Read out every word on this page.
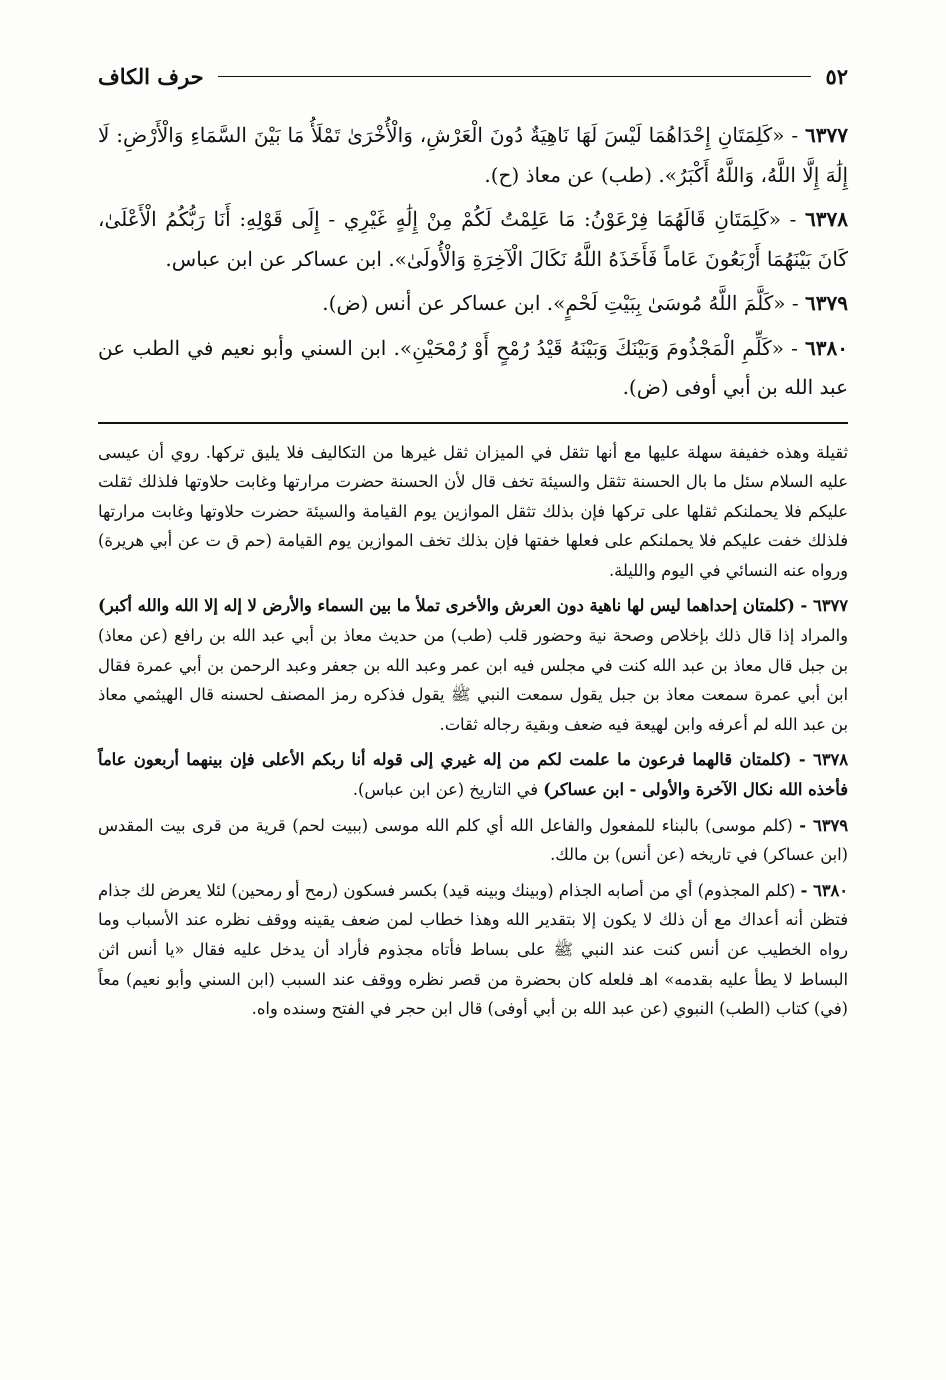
٥٢
حرف الكاف

٦٣٧٧ - «كَلِمَتَانِ إِحْدَاهُمَا لَيْسَ لَهَا نَاهِيَةٌ دُونَ الْعَرْشِ، وَالْأُخْرَىٰ تَمْلَأُ مَا بَيْنَ السَّمَاءِ وَالْأَرْضِ: لَا إِلَٰهَ إِلَّا اللَّهُ، وَاللَّهُ أَكْبَرُ». (طب) عن معاذ (ح).

٦٣٧٨ - «كَلِمَتَانِ قَالَهُمَا فِرْعَوْنُ: مَا عَلِمْتُ لَكُمْ مِنْ إِلَٰهٍ غَيْرِي - إِلَى قَوْلِهِ: أَنَا رَبُّكُمُ الْأَعْلَىٰ، كَانَ بَيْنَهُمَا أَرْبَعُونَ عَاماً فَأَخَذَهُ اللَّهُ نَكَالَ الْآخِرَةِ وَالْأُولَىٰ». ابن عساكر عن ابن عباس.

٦٣٧٩ - «كَلَّمَ اللَّهُ مُوسَىٰ بِبَيْتِ لَحْمٍ». ابن عساكر عن أنس (ض).

٦٣٨٠ - «كَلِّمِ الْمَجْذُومَ وَبَيْنَكَ وَبَيْنَهُ قَيْدُ رُمْحٍ أَوْ رُمْحَيْنِ». ابن السني وأبو نعيم في الطب عن عبد الله بن أبي أوفى (ض).

ثقيلة وهذه خفيفة سهلة عليها مع أنها تثقل في الميزان ثقل غيرها من التكاليف فلا يليق تركها. روي أن عيسى عليه السلام سئل ما بال الحسنة تثقل والسيئة تخف قال لأن الحسنة حضرت مرارتها وغابت حلاوتها فلذلك ثقلت عليكم فلا يحملنكم ثقلها على تركها فإن بذلك تثقل الموازين يوم القيامة والسيئة حضرت حلاوتها وغابت مرارتها فلذلك خفت عليكم فلا يحملنكم على فعلها خفتها فإن بذلك تخف الموازين يوم القيامة (حم ق ت عن أبي هريرة) ورواه عنه النسائي في اليوم والليلة.

٦٣٧٧ - (كلمتان إحداهما ليس لها ناهية دون العرش والأخرى تملأ ما بين السماء والأرض لا إله إلا الله والله أكبر) والمراد إذا قال ذلك بإخلاص وصحة نية وحضور قلب (طب) من حديث معاذ بن أبي عبد الله بن رافع (عن معاذ) بن جبل قال معاذ بن عبد الله كنت في مجلس فيه ابن عمر وعبد الله بن جعفر وعبد الرحمن بن أبي عمرة فقال ابن أبي عمرة سمعت معاذ بن جبل يقول سمعت النبي ﷺ يقول فذكره رمز المصنف لحسنه قال الهيثمي معاذ بن عبد الله لم أعرفه وابن لهيعة فيه ضعف وبقية رجاله ثقات.

٦٣٧٨ - (كلمتان قالهما فرعون ما علمت لكم من إله غيري إلى قوله أنا ربكم الأعلى فإن بينهما أربعون عاماً فأخذه الله نكال الآخرة والأولى - ابن عساكر) في التاريخ (عن ابن عباس).

٦٣٧٩ - (كلم موسى) بالبناء للمفعول والفاعل الله أي كلم الله موسى (ببيت لحم) قرية من قرى بيت المقدس (ابن عساكر) في تاريخه (عن أنس) بن مالك.

٦٣٨٠ - (كلم المجذوم) أي من أصابه الجذام (وبينك وبينه قيد) بكسر فسكون (رمح أو رمحين) لئلا يعرض لك جذام فتظن أنه أعداك مع أن ذلك لا يكون إلا بتقدير الله وهذا خطاب لمن ضعف يقينه ووقف نظره عند الأسباب وما رواه الخطيب عن أنس كنت عند النبي ﷺ على بساط فأتاه مجذوم فأراد أن يدخل عليه فقال «يا أنس اثن البساط لا يطأ عليه بقدمه» اهـ فلعله كان بحضرة من قصر نظره ووقف عند السبب (ابن السني وأبو نعيم) معاً (في) كتاب (الطب) النبوي (عن عبد الله بن أبي أوفى) قال ابن حجر في الفتح وسنده واه.
